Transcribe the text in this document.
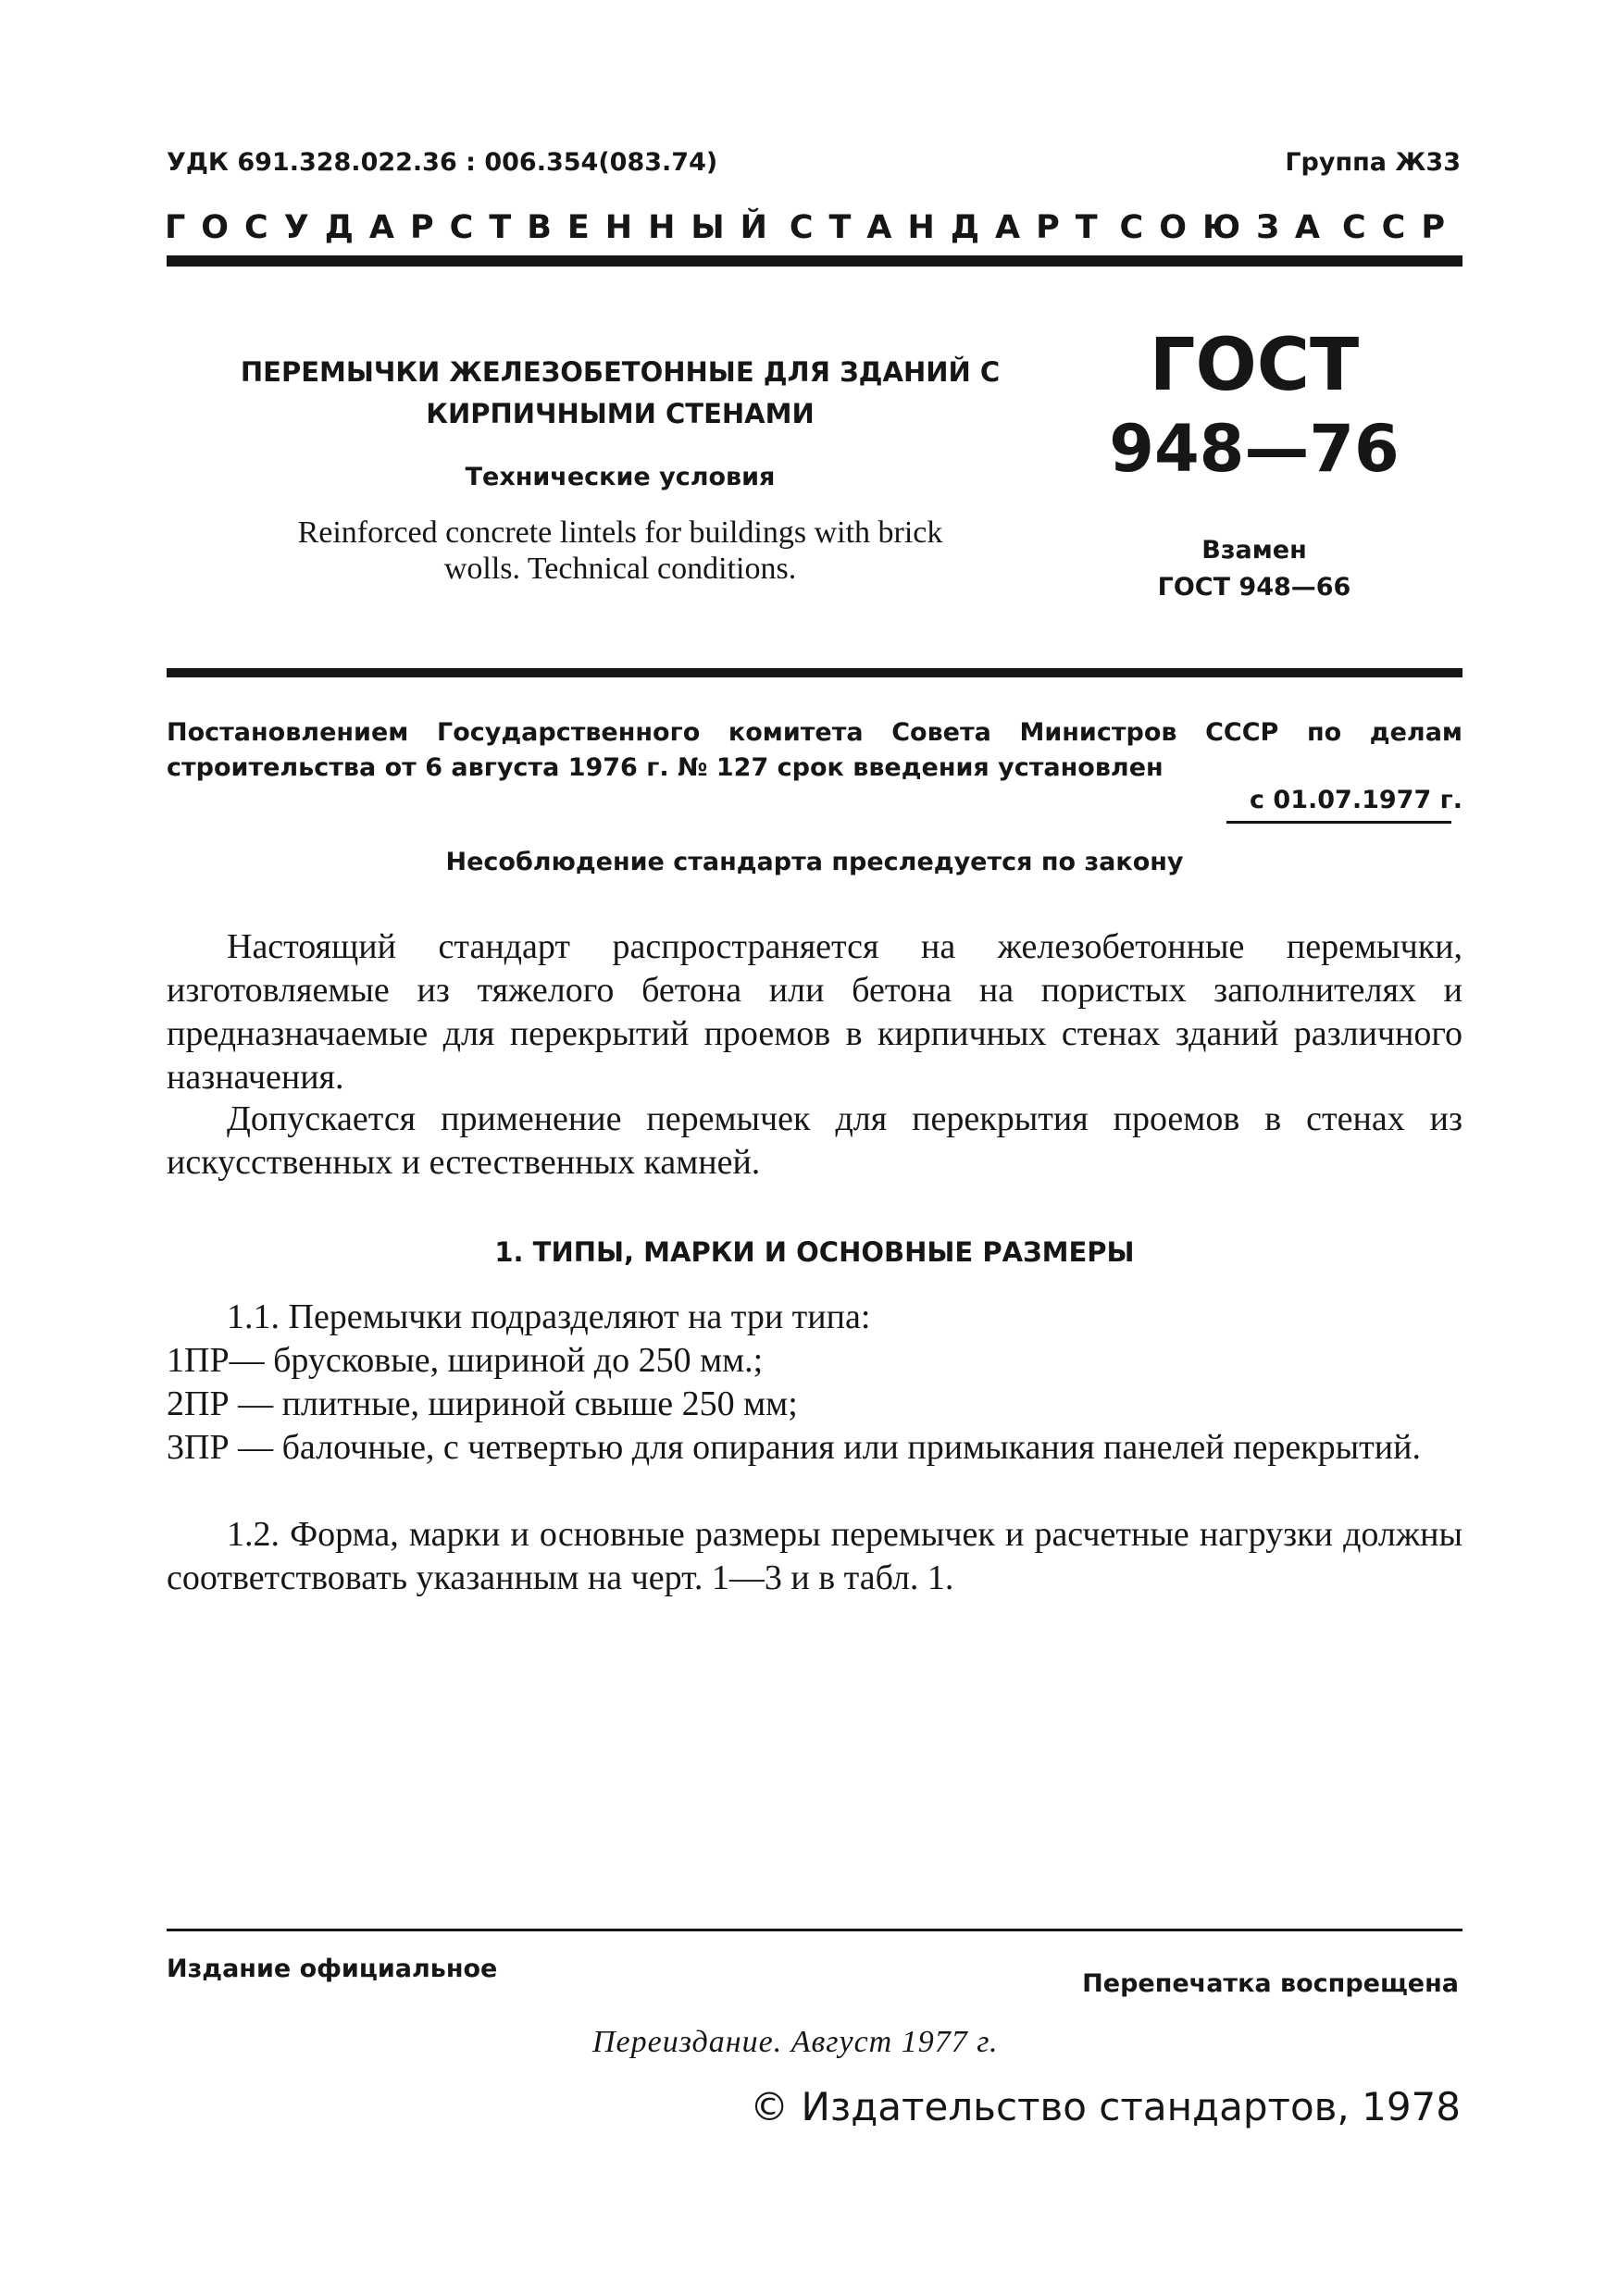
УДК 691.328.022.36 : 006.354(083.74)	Группа Ж33
ГОСУДАРСТВЕННЫЙ СТАНДАРТ СОЮЗА ССР
ПЕРЕМЫЧКИ ЖЕЛЕЗОБЕТОННЫЕ ДЛЯ ЗДАНИЙ С
КИРПИЧНЫМИ СТЕНАМИ
Технические условия
Reinforced concrete lintels for buildings with brick
wolls. Technical conditions.
ГОСТ
948—76
Взамен
ГОСТ 948—66
Постановлением Государственного комитета Совета Министров СССР по делам строительства от 6 августа 1976 г. № 127 срок введения установлен
с 01.07.1977 г.
Несоблюдение стандарта преследуется по закону
Настоящий стандарт распространяется на железобетонные перемычки, изготовляемые из тяжелого бетона или бетона на пористых заполнителях и предназначаемые для перекрытий проемов в кирпичных стенах зданий различного назначения.
Допускается применение перемычек для перекрытия проемов в стенах из искусственных и естественных камней.
1. ТИПЫ, МАРКИ И ОСНОВНЫЕ РАЗМЕРЫ
1.1. Перемычки подразделяют на три типа:
1ПР— брусковые, шириной до 250 мм.;
2ПР — плитные, шириной свыше 250 мм;
3ПР — балочные, с четвертью для опирания или примыкания панелей перекрытий.
1.2. Форма, марки и основные размеры перемычек и расчетные нагрузки должны соответствовать указанным на черт. 1—3 и в табл. 1.
Издание официальное
Перепечатка воспрещена
Переиздание. Август 1977 г.
© Издательство стандартов, 1978
